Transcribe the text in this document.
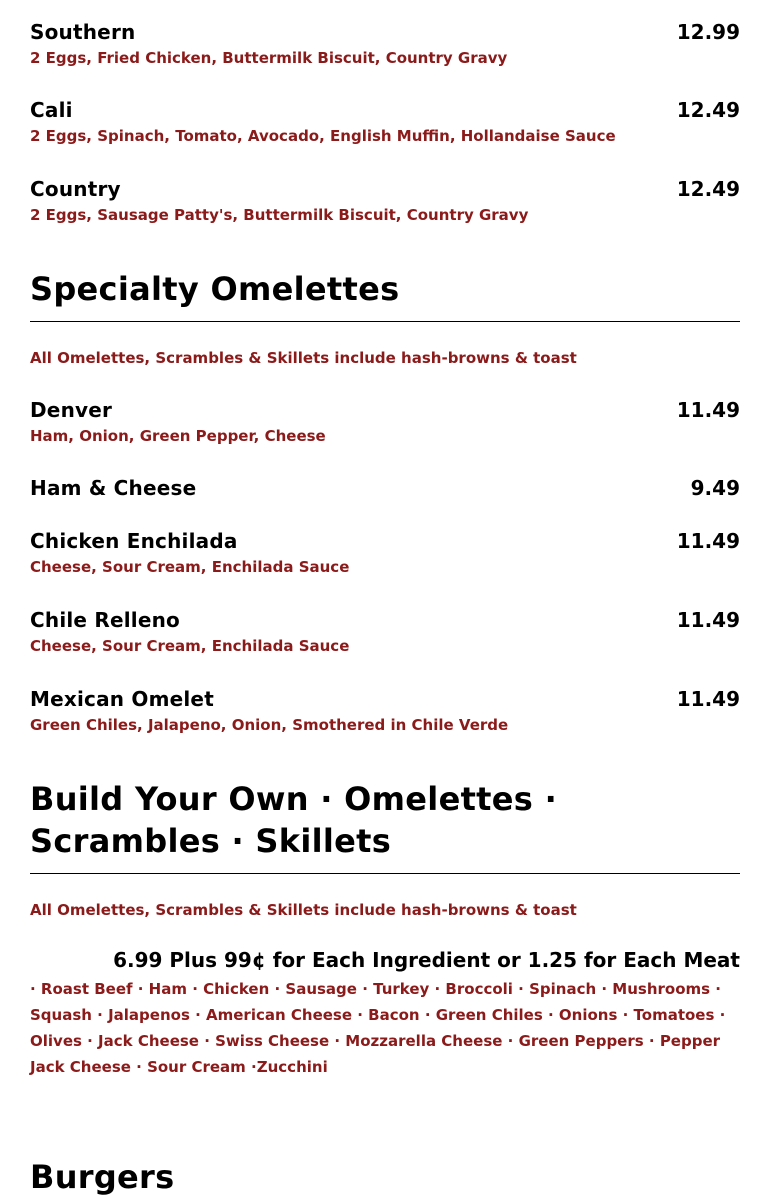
Southern	12.99
2 Eggs, Fried Chicken, Buttermilk Biscuit, Country Gravy
Cali	12.49
2 Eggs, Spinach, Tomato, Avocado, English Muffin, Hollandaise Sauce
Country	12.49
2 Eggs, Sausage Patty's, Buttermilk Biscuit, Country Gravy
Specialty Omelettes
All Omelettes, Scrambles & Skillets include hash-browns & toast
Denver	11.49
Ham, Onion, Green Pepper, Cheese
Ham & Cheese	9.49
Chicken Enchilada	11.49
Cheese, Sour Cream, Enchilada Sauce
Chile Relleno	11.49
Cheese, Sour Cream, Enchilada Sauce
Mexican Omelet	11.49
Green Chiles, Jalapeno, Onion, Smothered in Chile Verde
Build Your Own · Omelettes · Scrambles · Skillets
All Omelettes, Scrambles & Skillets include hash-browns & toast
6.99 Plus 99¢ for Each Ingredient or 1.25 for Each Meat
· Roast Beef · Ham · Chicken · Sausage · Turkey · Broccoli · Spinach · Mushrooms · Squash · Jalapenos · American Cheese · Bacon · Green Chiles · Onions · Tomatoes · Olives · Jack Cheese · Swiss Cheese · Mozzarella Cheese · Green Peppers · Pepper Jack Cheese · Sour Cream ·Zucchini
Burgers
